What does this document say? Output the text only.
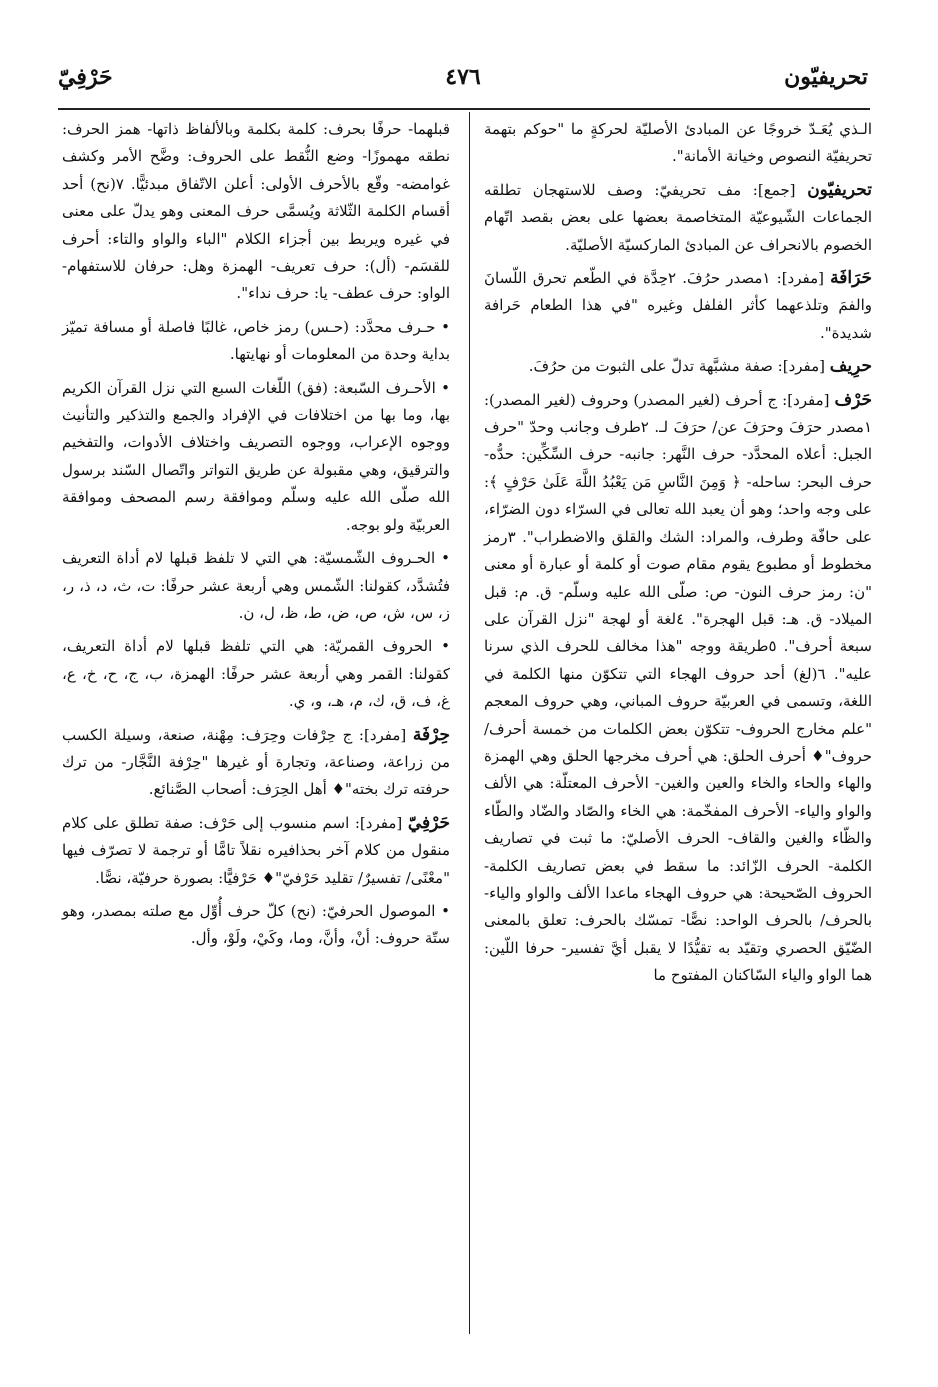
تحريفيّون
٤٧٦
حَرْفِيّ

الـذي يُعَـدّ خروجًا عن المبادئ الأصليّة لحركةٍ ما "حوكم بتهمة تحريفيّة النصوص وخيانة الأمانة".

تحريفيّون [جمع]: مف تحريفيّ: وصف للاستهجان تطلقه الجماعات الشّيوعيّة المتخاصمة بعضها على بعض بقصد اتّهام الخصوم بالانحراف عن المبادئ الماركسيّة الأصليّة.

حَرَافَة [مفرد]: ١مصدر حرُفَ. ٢حِدَّة في الطّعم تحرق اللّسانَ والفمَ وتلذعهما كأثر الفلفل وغيره "في هذا الطعام حَرافة شديدة".

حرِيف [مفرد]: صفة مشبَّهة تدلّ على الثبوت من حرُفَ.

حَرْف [مفرد]: ج أحرف (لغير المصدر) وحروف (لغير المصدر): ١مصدر حرَفَ وحرَفَ عن/ حرَفَ لـ. ٢طرف وجانب وحدّ "حرف الجبل: أعلاه المحدَّد- حرف النَّهر: جانبه- حرف السِّكِّين: حدُّه- حرف البحر: ساحله- ﴿ وَمِنَ النَّاسِ مَن يَعْبُدُ اللَّهَ عَلَىٰ حَرْفٍ ﴾: على وجه واحد؛ وهو أن يعبد الله تعالى في السرّاء دون الضرّاء، على حافّة وطرف، والمراد: الشك والقلق والاضطراب". ٣رمز مخطوط أو مطبوع يقوم مقام صوت أو كلمة أو عبارة أو معنى "ن: رمز حرف النون- ص: صلّى الله عليه وسلّم- ق. م: قبل الميلاد- ق. هـ: قبل الهجرة". ٤لغة أو لهجة "نزل القرآن على سبعة أحرف". ٥طريقة ووجه "هذا مخالف للحرف الذي سرنا عليه". ٦(لغ) أحد حروف الهجاء التي تتكوّن منها الكلمة في اللغة، وتسمى في العربيّة حروف المباني، وهي حروف المعجم "علم مخارج الحروف- تتكوّن بعض الكلمات من خمسة أحرف/ حروف"♦ أحرف الحلق: هي أحرف مخرجها الحلق وهي الهمزة والهاء والحاء والخاء والعين والغين- الأحرف المعتلّة: هي الألف والواو والياء- الأحرف المفخّمة: هي الخاء والصّاد والضّاد والطّاء والظّاء والغين والقاف- الحرف الأصليّ: ما ثبت في تصاريف الكلمة- الحرف الزّائد: ما سقط في بعض تصاريف الكلمة- الحروف الصّحيحة: هي حروف الهجاء ماعدا الألف والواو والياء- بالحرف/ بالحرف الواحد: نصًّا- تمسّك بالحرف: تعلق بالمعنى الضّيّق الحصري وتقيّد به تقيُّدًا لا يقبل أيَّ تفسير- حرفا اللّين: هما الواو والياء السّاكنان المفتوح ما

قبلهما- حرفًا بحرف: كلمة بكلمة وبالألفاظ ذاتها- همز الحرف: نطقه مهموزًا- وضع النُّقط على الحروف: وضَّح الأمر وكشف غوامضه- وقّع بالأحرف الأولى: أعلن الاتّفاق مبدئيًّا. ٧(نح) أحد أقسام الكلمة الثّلاثة ويُسمَّى حرف المعنى وهو يدلّ على معنى في غيره ويربط بين أجزاء الكلام "الباء والواو والتاء: أحرف للقسَم- (أل): حرف تعريف- الهمزة وهل: حرفان للاستفهام- الواو: حرف عطف- يا: حرف نداء".

• حـرف محدَّد: (حـس) رمز خاص، غالبًا فاصلة أو مسافة تميّز بداية وحدة من المعلومات أو نهايتها.

• الأحـرف السّبعة: (فق) اللّغات السبع التي نزل القرآن الكريم بها، وما بها من اختلافات في الإفراد والجمع والتذكير والتأنيث ووجوه الإعراب، ووجوه التصريف واختلاف الأدوات، والتفخيم والترقيق، وهي مقبولة عن طريق التواتر واتّصال السّند برسول الله صلّى الله عليه وسلّم وموافقة رسم المصحف وموافقة العربيّة ولو بوجه.

• الحـروف الشّمسيّة: هي التي لا تلفظ قبلها لام أداة التعريف فتُشدَّد، كقولنا: الشّمس وهي أربعة عشر حرفًا: ت، ث، د، ذ، ر، ز، س، ش، ص، ض، ط، ظ، ل، ن.

• الحروف القمريّة: هي التي تلفظ قبلها لام أداة التعريف، كقولنا: القمر وهي أربعة عشر حرفًا: الهمزة، ب، ج، ح، خ، ع، غ، ف، ق، ك، م، هـ، و، ي.

حِرْفَة [مفرد]: ج حِرْفات وحِرَف: مِهْنة، صنعة، وسيلة الكسب من زراعة، وصناعة، وتجارة أو غيرها "حِرْفة النَّجَّار- من ترك حرفته ترك بخته"♦ أهل الحِرَف: أصحاب الصَّنائع.

حَرْفِيّ [مفرد]: اسم منسوب إلى حَرْف: صفة تطلق على كلام منقول من كلام آخر بحذافيره نقلاً تامًّا أو ترجمة لا تصرّف فيها "معْنًى/ تفسيرٌ/ تقليد حَرْفيّ"♦ حَرْفيًّا: بصورة حرفيّة، نصًّا.

• الموصول الحرفيّ: (نح) كلّ حرف أُوِّل مع صلته بمصدر، وهو ستّة حروف: أنْ، وأنَّ، وما، وكَيْ، ولَوْ، وأل.
